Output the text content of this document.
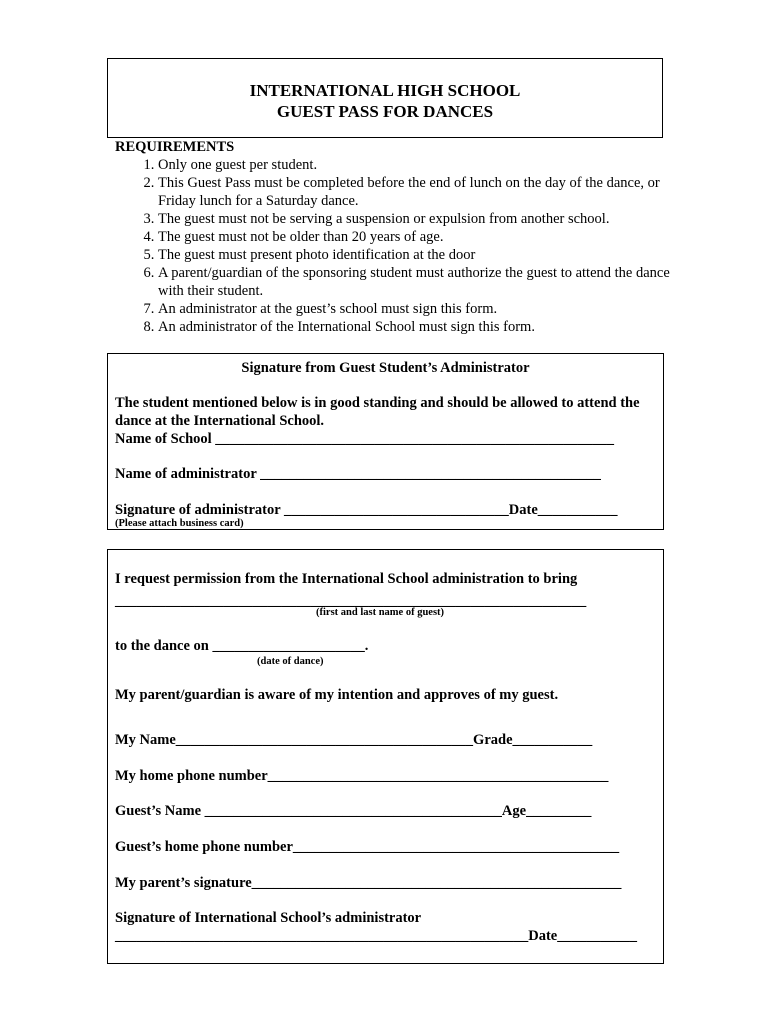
INTERNATIONAL HIGH SCHOOL
GUEST PASS FOR DANCES
REQUIREMENTS
1. Only one guest per student.
2. This Guest Pass must be completed before the end of lunch on the day of the dance, or Friday lunch for a Saturday dance.
3. The guest must not be serving a suspension or expulsion from another school.
4. The guest must not be older than 20 years of age.
5. The guest must present photo identification at the door
6. A parent/guardian of the sponsoring student must authorize the guest to attend the dance with their student.
7. An administrator at the guest’s school must sign this form.
8. An administrator of the International School must sign this form.
Signature from Guest Student’s Administrator
The student mentioned below is in good standing and should be allowed to attend the dance at the International School.
Name of School _______________________________________________________
Name of administrator _______________________________________________
Signature of administrator _______________________________Date___________
(Please attach business card)
I request permission from the International School administration to bring
_________________________________________________________________
(first and last name of guest)
to the dance on _____________________.
(date of dance)
My parent/guardian is aware of my intention and approves of my guest.
My Name_________________________________________Grade___________
My home phone number_______________________________________________
Guest’s Name _________________________________________Age_________
Guest’s home phone number_____________________________________________
My parent’s signature___________________________________________________
Signature of International School’s administrator
_________________________________________________________Date___________
